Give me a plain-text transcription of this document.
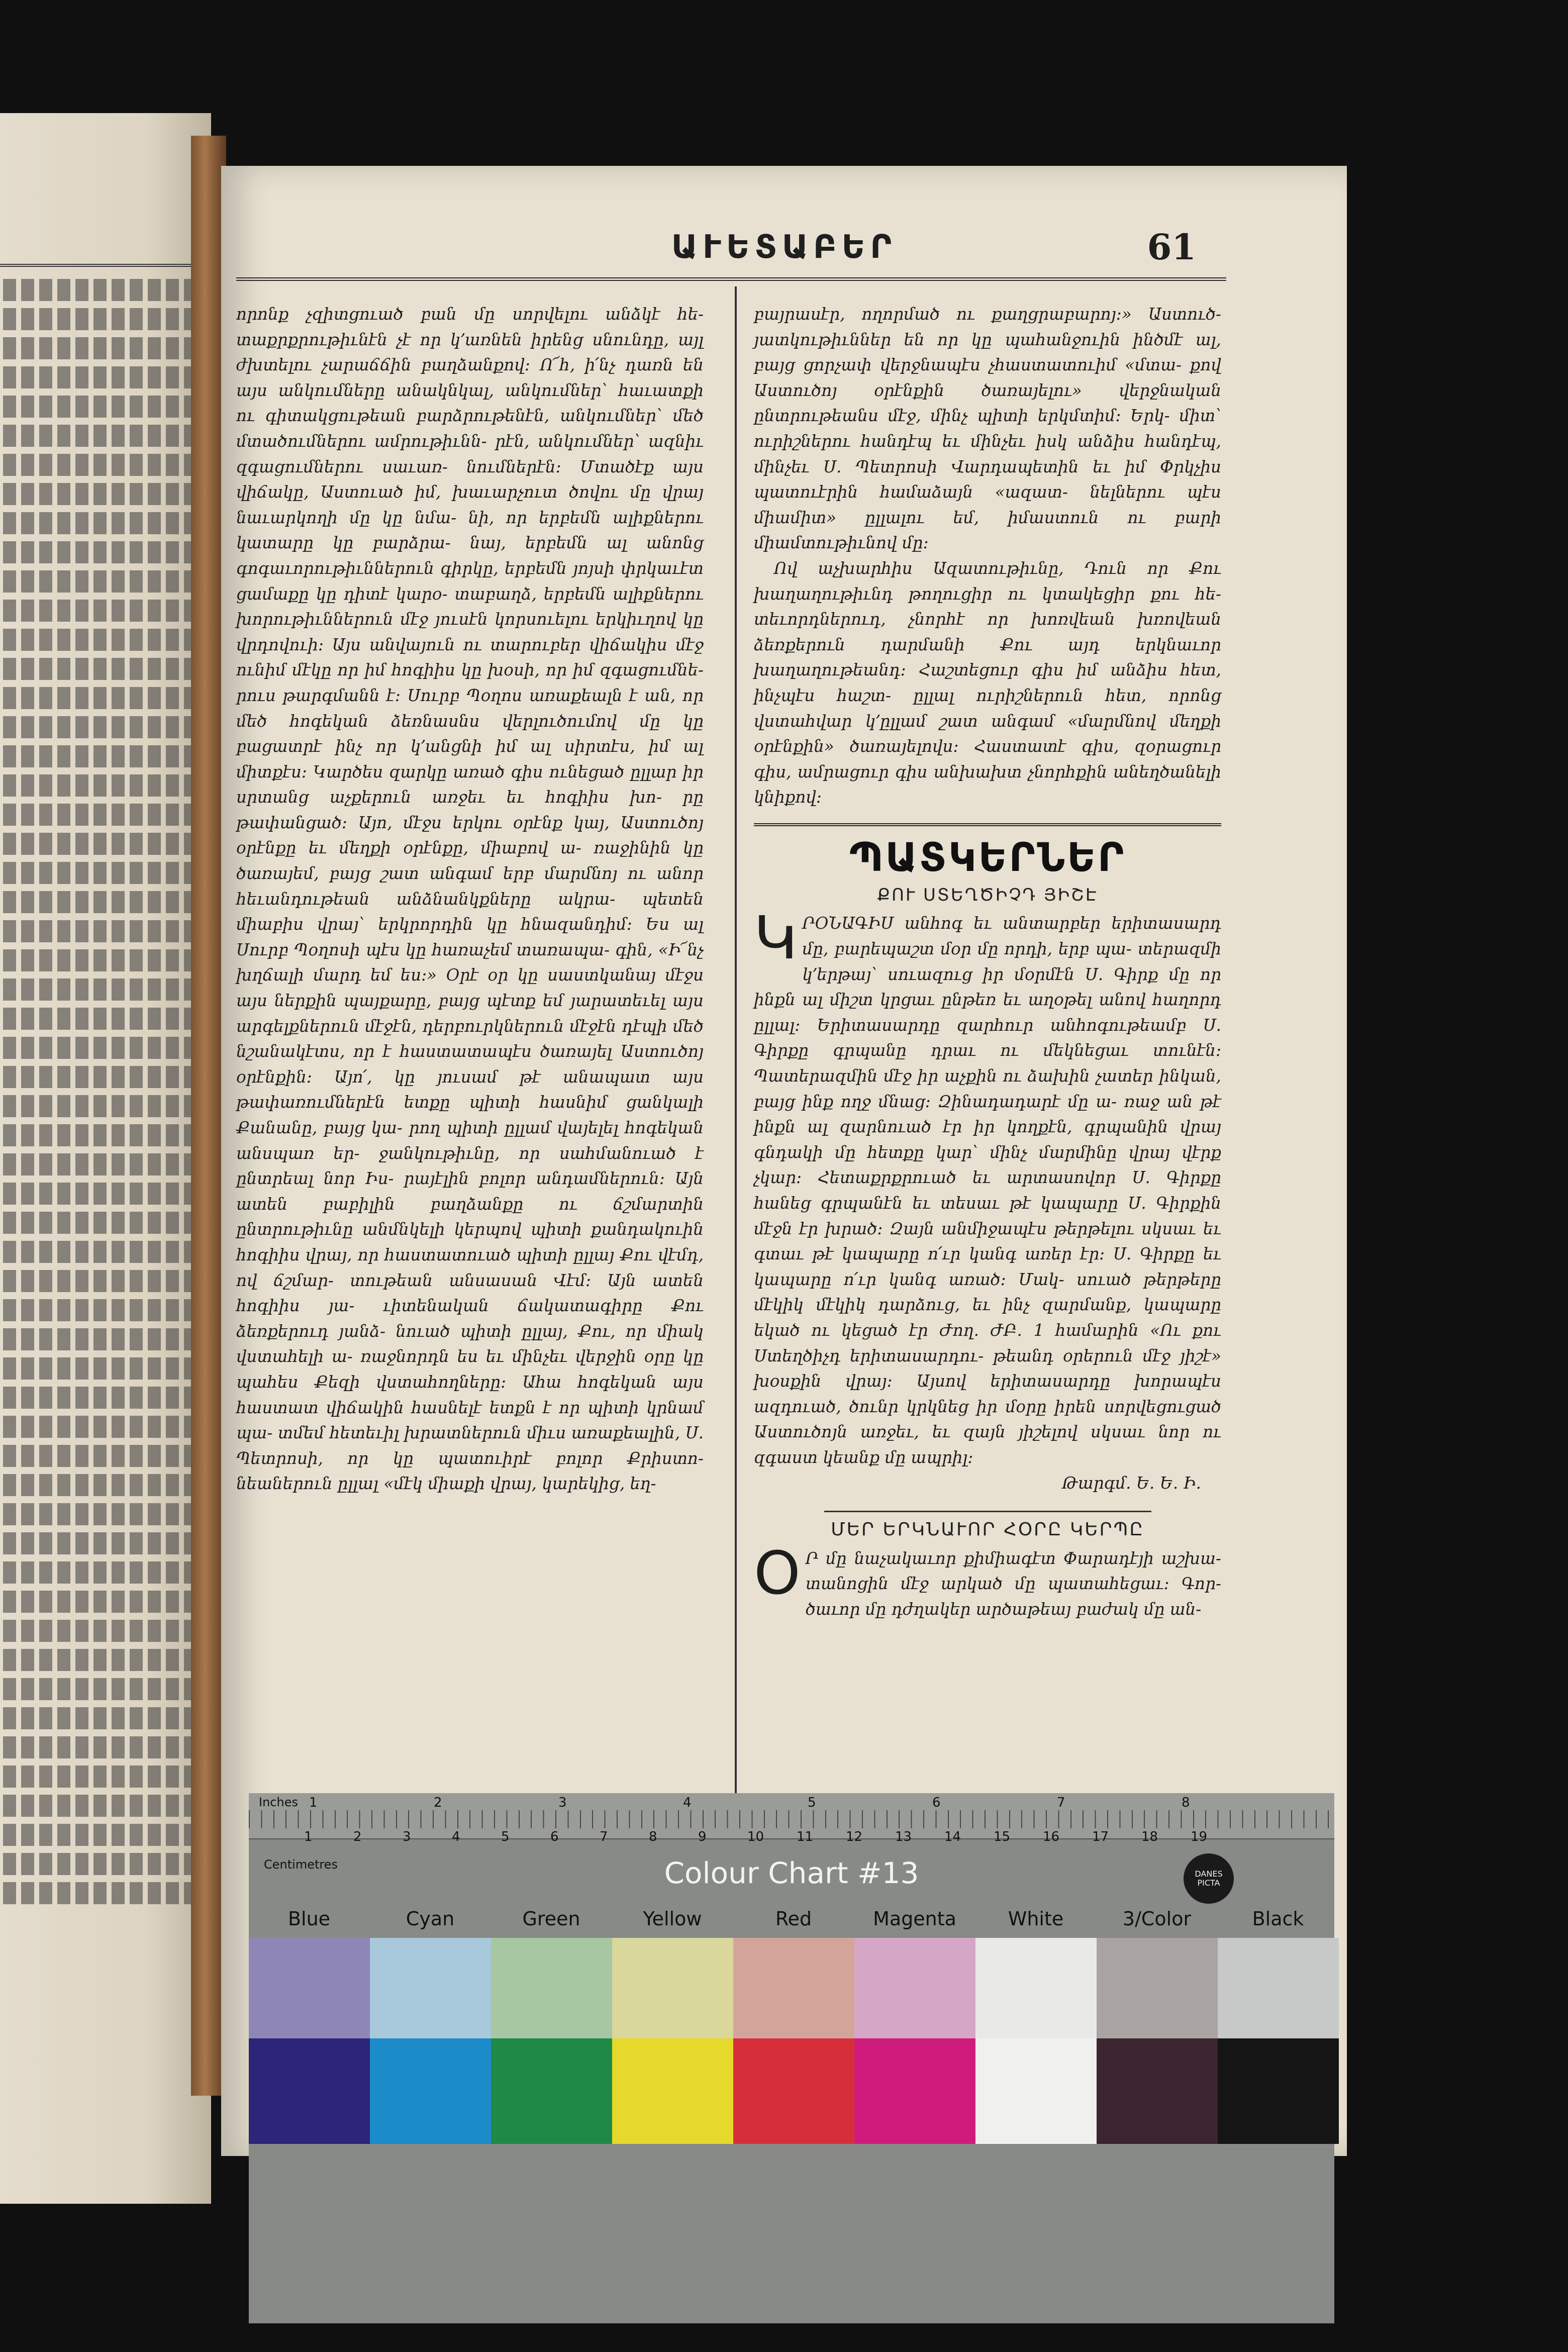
ԱՒԵՏԱԲԵՐ	61

որոնք չզիտցուած բան մը սորվելու անձկէ հե- տաքրքրութիւնէն չէ որ կ՚առնեն իրենց սնունդը, այլ ժխտելու չարաճճին բաղձանքով։ Ո՜հ, ի՛նչ դառն են այս անկումները անակնկալ, անկումներ՝ հաւատքի ու գիտակցութեան բարձրութենէն, անկումներ՝ մեծ մտածումներու ամրութիւնն- րէն, անկումներ՝ ազնիւ զգացումներու սաւառ- նումներէն։ Մտածէք այս վիճակը, Աստուած իմ, խաւարչուտ ծովու մը վրայ նաւարկողի մը կը նմա- նի, որ երբեմն ալիքներու կատարը կը բարձրա- նայ, երբեմն ալ անոնց գոգաւորութիւններուն գիրկը, երբեմն յոյսի փրկաւէտ ցամաքը կը դիտէ կարօ- տաբաղձ, երբեմն ալիքներու խորութիւններուն մէջ յուսէն կորսուելու երկիւղով կը վրդովուի։ Այս անվայուն ու տարուբեր վիճակիս մէջ ունիմ մէկը որ իմ հոգիիս կը խօսի, որ իմ զգացումնե- րուս թարգմանն է։ Սուրբ Պօղոս առաքեալն է ան, որ մեծ հոգեկան ձեռնասնս վերլուծումով մը կը բացատրէ ինչ որ կ՚անցնի իմ ալ սիրտէս, իմ ալ միտքէս։ Կարծես զարկը առած գիս ունեցած ըլլար իր սրտանց աչքերուն առջեւ եւ հոգիիս խո- րը թափանցած։ Այո, մէջս երկու օրէնք կայ, Աստուծոյ օրէնքը եւ մեղքի օրէնքը, միաբով ա- ռաջինին կը ծառայեմ, բայց շատ անգամ երբ մարմնոյ ու անոր հեւանդութեան անձնանկքները ակրա- պետեն միաբիս վրայ՝ երկրորդին կը հնազանդիմ։ Ես ալ Սուրբ Պօղոսի պէս կը հառաչեմ տառապա- գին, «Ի՜նչ խղճալի մարդ եմ ես։» Օրէ օր կը սաստկանայ մէջս այս ներքին պայքարը, բայց պէտք եմ յարատեւել այս արգելքներուն մէջէն, դերբուրկներուն մէջէն դէպի մեծ նշանակէտս, որ է հաստատապէս ծառայել Աստուծոյ օրէնքին։ Այո՛, կը յուսամ թէ անապատ այս թափառումներէն ետքը պիտի հասնիմ ցանկալի Քանանը, բայց կա- րող պիտի ըլլամ վայելել հոգեկան անսպառ եր- ջանկութիւնը, որ սահմանուած է ընտրեալ նոր Իս- րայէլին բոլոր անդամներուն։ Այն ատեն բաբիլին բաղձանքը ու ճշմարտին ընտրութիւնը անմնկելի կերպով պիտի քանդակուին հոգիիս վրայ, որ հաստատուած պիտի ըլլայ Քու վէմդ, ով ճշմար- տութեան անսասան Վէմ։ Այն ատեն հոգիիս յա- ւիտենական ճակատագիրը Քու ձեռքերուդ յանձ- նուած պիտի ըլլայ, Քու, որ միակ վստահելի ա- ռաջնորդն ես եւ մինչեւ վերջին օրը կը պահես Քեզի վստահողները։ Ահա հոգեկան այս հաստատ վիճակին հասնելէ ետքն է որ պիտի կրնամ պա- տմեմ հետեւիլ խրատներուն միւս առաքեալին, Ս. Պետրոսի, որ կը պատուիրէ բոլոր Քրիստո- նեաներուն ըլլալ «մէկ միաքի վրայ, կարեկից, եղ-

բայրասէր, ողորմած ու քաղցրաբարոյ։» Աստուծ- յատկութիւններ են որ կը պահանջուին ինծմէ ալ, բայց ցորչափ վերջնապէս չհաստատուիմ «մտա- քով Աստուծոյ օրէնքին ծառայելու» վերջնական ընտրութեանս մէջ, մինչ պիտի երկմտիմ։ Երկ- միտ՝ ուրիշներու հանդէպ եւ մինչեւ իսկ անձիս հանդէպ, մինչեւ Ս. Պետրոսի Վարդապետին եւ իմ Փրկչիս պատուէրին համաձայն «ազատ- նելներու պէս միամիտ» ըլլալու եմ, իմաստուն ու բարի միամտութիւնով մը։

Ով աչխարհիս Ազատութիւնը, Դուն որ Քու խաղաղութիւնդ թողուցիր ու կտակեցիր քու հե- տեւորդներուդ, չնորհէ որ խոռվեան խռովեան ձեռքերուն դարմանի Քու այդ երկնաւոր խաղաղութեանդ։ Հաշտեցուր գիս իմ անձիս հետ, ինչպէս հաշտ- ըլլալ ուրիշներուն հետ, որոնց վստահվար կ՚ըլլամ շատ անգամ «մարմնով մեղքի օրէնքին» ծառայելովս։ Հաստատէ գիս, զօրացուր գիս, ամրացուր գիս անխախտ չնորհքին անեղծանելի կնիքով։

ՊԱՏԿԵՐՆԵՐ
ՔՈՒ ՍՏԵՂԾԻՉԴ ՅԻՇԷ

ԿՐՕՆԱԳԻՍ անհոգ եւ անտարբեր երիտասարդ մը, բարեպաշտ մօր մը որդի, երբ պա- տերազմի կ՚երթայ՝ սուազուց իր մօրմէն Ս. Գիրք մը որ ինքն ալ միշտ կրցաւ ընթեռ եւ աղօթել անով հաղորդ ըլլալ։ Երիտասարդը զարհուր անհոգութեամբ Ս. Գիրքը գրպանը դրաւ ու մեկնեցաւ տունէն։ Պատերազմին մէջ իր աչքին ու ձախին չատեր ինկան, բայց ինք ողջ մնաց։ Զինադադարէ մը ա- ռաջ ան թէ ինքն ալ զարնուած էր իր կողքէն, գրպանին վրայ գնդակի մը հետքը կար՝ մինչ մարմինը վրայ վէրք չկար։ Հետաքրքրուած եւ արտասովոր Ս. Գիրքը հանեց գրպանէն եւ տեսաւ թէ կապարը Ս. Գիրքին մէջն էր խրած։ Զայն անմիջապէս թերթելու սկսաւ եւ գտաւ թէ կապարը ո՛ւր կանգ առեր էր։ Ս. Գիրքը եւ կապարը ո՛ւր կանգ առած։ Մակ- սուած թերթերը մէկիկ մէկիկ դարձուց, եւ ինչ զարմանք, կապարը եկած ու կեցած էր Ժող. ԺԲ. 1 համարին «Ու քու Ստեղծիչդ երիտասարդու- թեանդ օրերուն մէջ յիշէ» խօսքին վրայ։ Այսով երիտասարդը խորապէս ազդուած, ծունր կրկնեց իր մօրը իրեն սորվեցուցած Աստուծոյն առջեւ, եւ զայն յիշելով սկսաւ նոր ու զգաստ կեանք մը ապրիլ։

Թարգմ. Ե. Ե. Ի.
ՄԵՐ ԵՐԿՆԱՒՈՐ ՀՕՐԸ ԿԵՐՊԸ

Օ Ր մը նաչակաւոր քիմիագէտ Փարադէյի աշխա- տանոցին մէջ արկած մը պատահեցաւ։ Գոր- ծաւոր մը դժղակեր արծաթեայ բաժակ մը ան-

Inches 1	2	3	4	5	6	7	8
1	2	3	4	5	6	7	8	9	10 11 12 13 14 15 16 17 18 19
Centimetres	Colour Chart #13	DANES PICTA
Blue	Cyan	Green	Yellow	Red	Magenta	White	3/Color	Black
